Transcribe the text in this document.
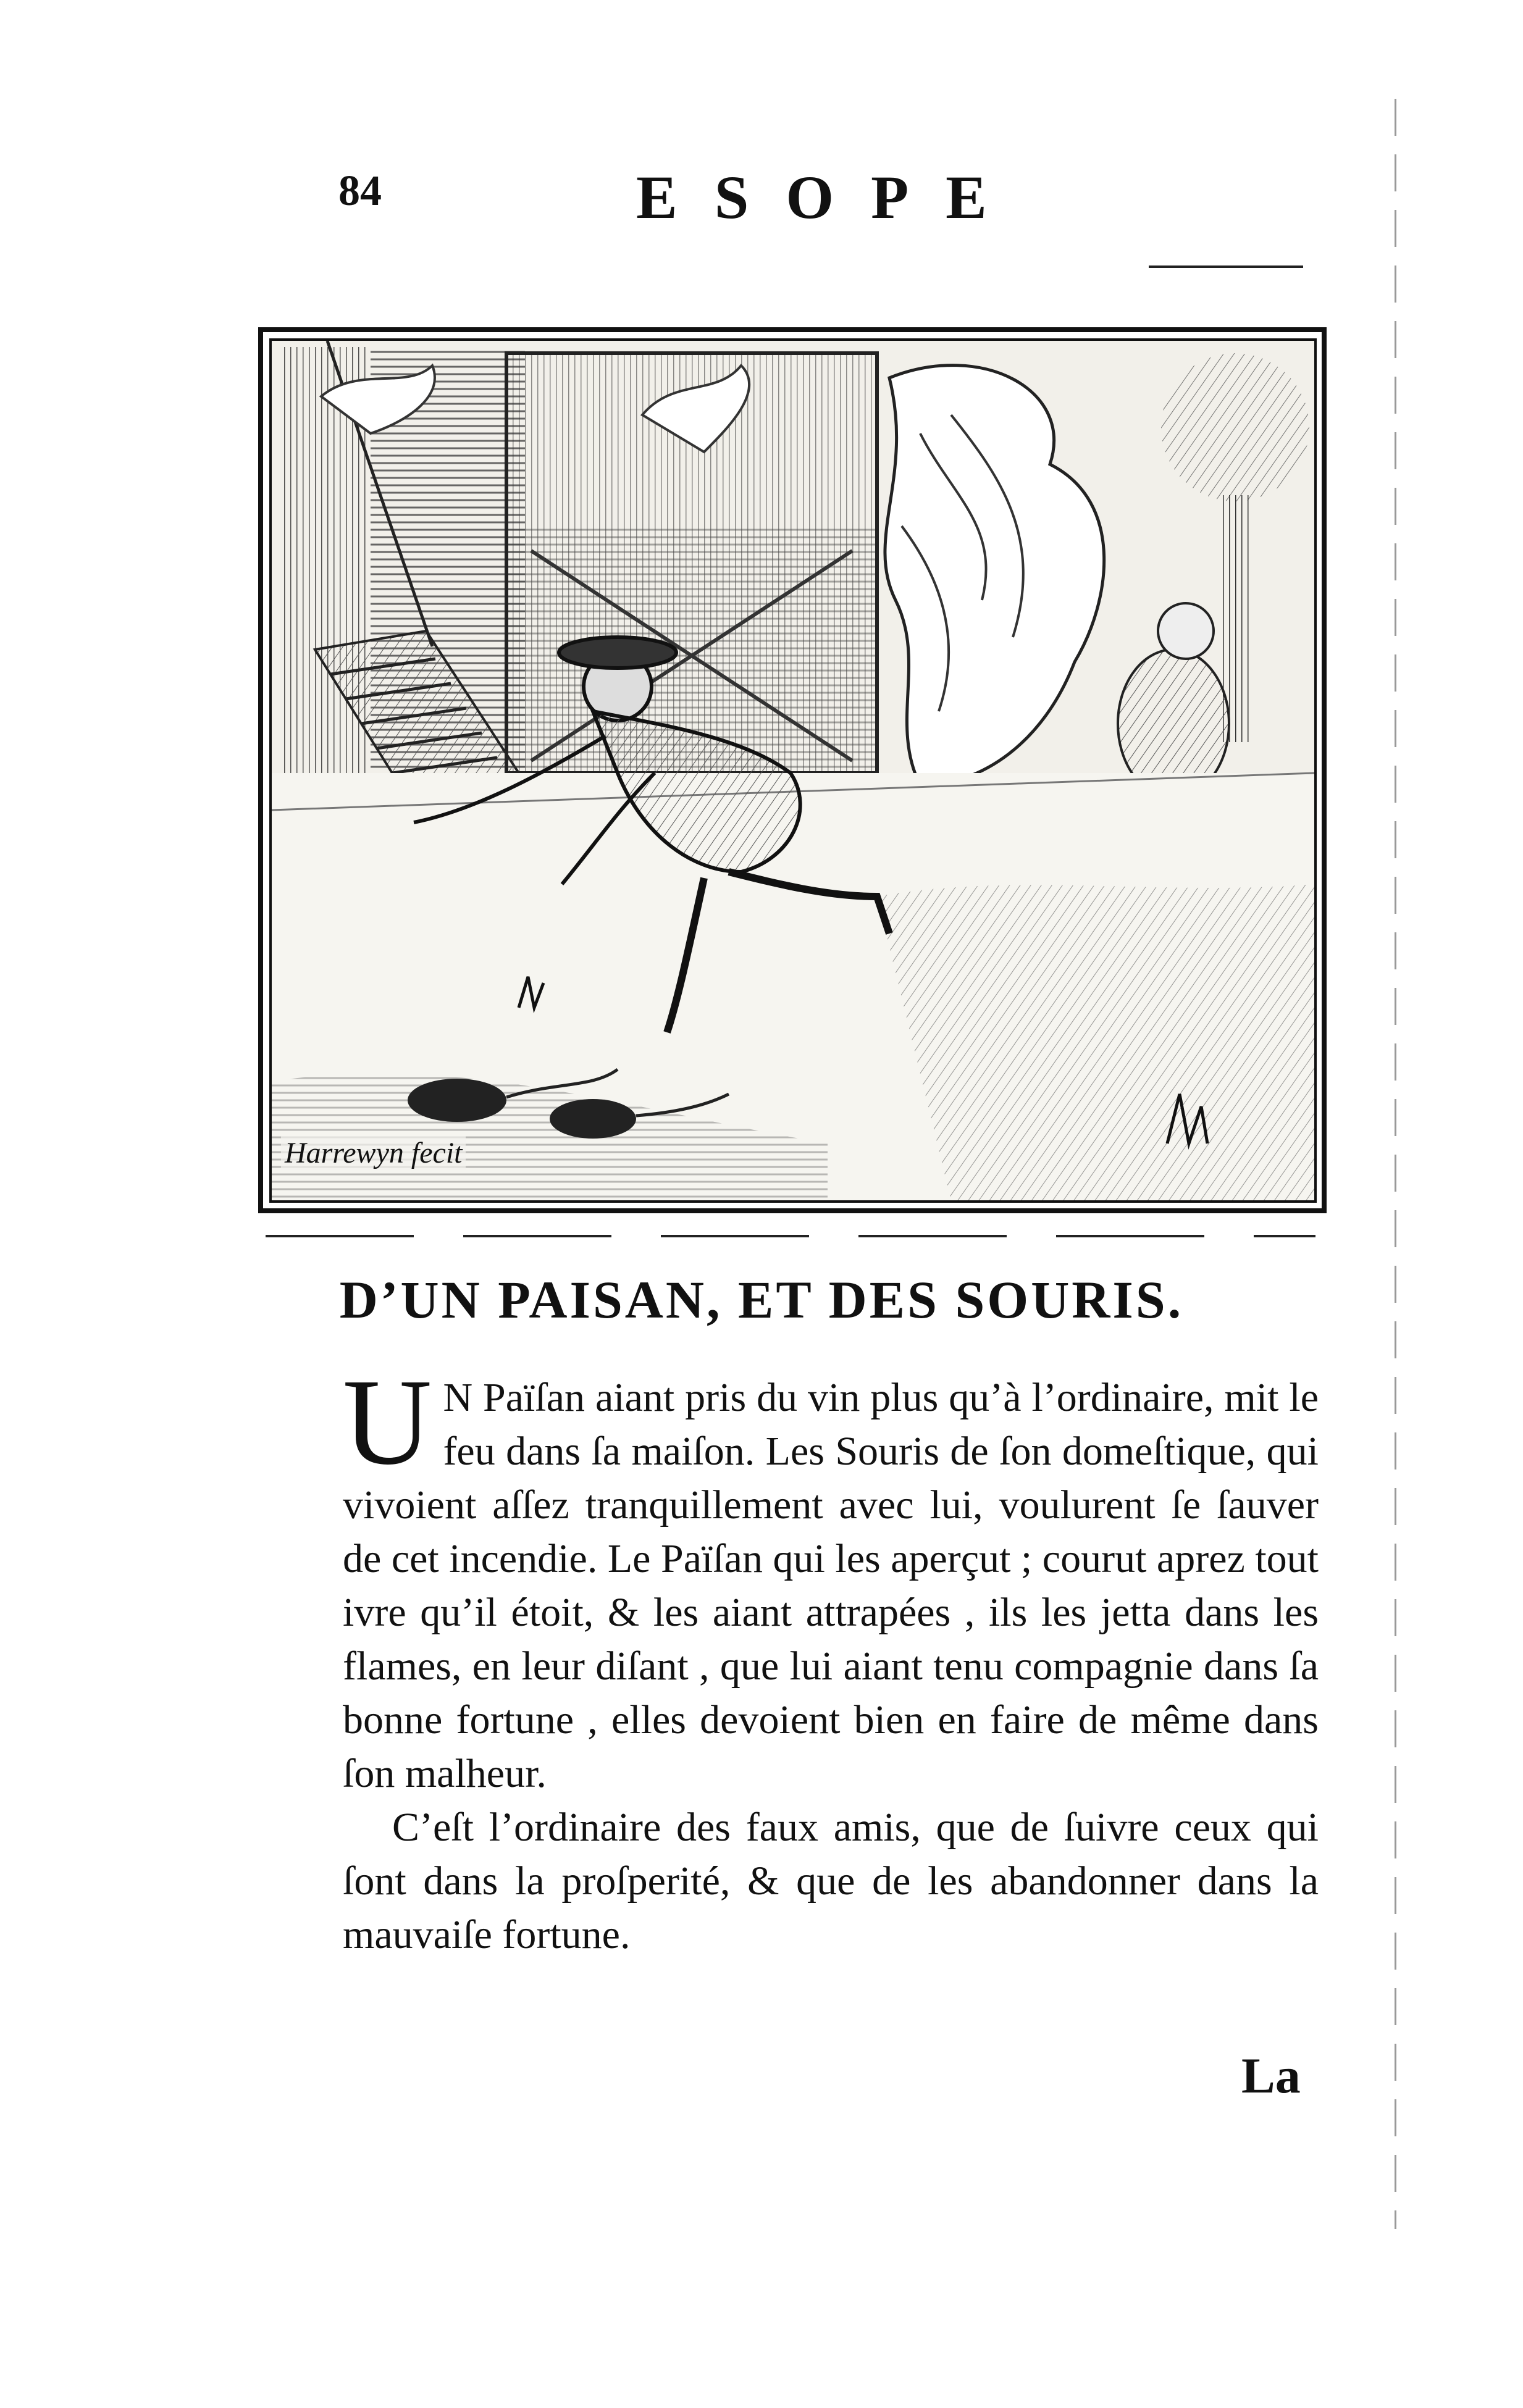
84	ESOPE
Harrewyn fecit
D’UN PAISAN, ET DES SOURIS.

U N Païſan aiant pris du vin plus qu’à l’ordinaire, mit le feu dans ſa maiſon. Les Souris de ſon domeſtique, qui vivoient aſſez tranquillement avec lui, voulurent ſe ſauver de cet incendie. Le Païſan qui les aperçut ; courut aprez tout ivre qu’il étoit, & les aiant attrapées , ils les jetta dans les flames, en leur diſant , que lui aiant tenu compagnie dans ſa bonne fortune , elles devoient bien en faire de même dans ſon malheur.

C’eſt l’ordinaire des faux amis, que de ſuivre ceux qui ſont dans la proſperité, & que de les abandonner dans la mauvaiſe fortune.

La
